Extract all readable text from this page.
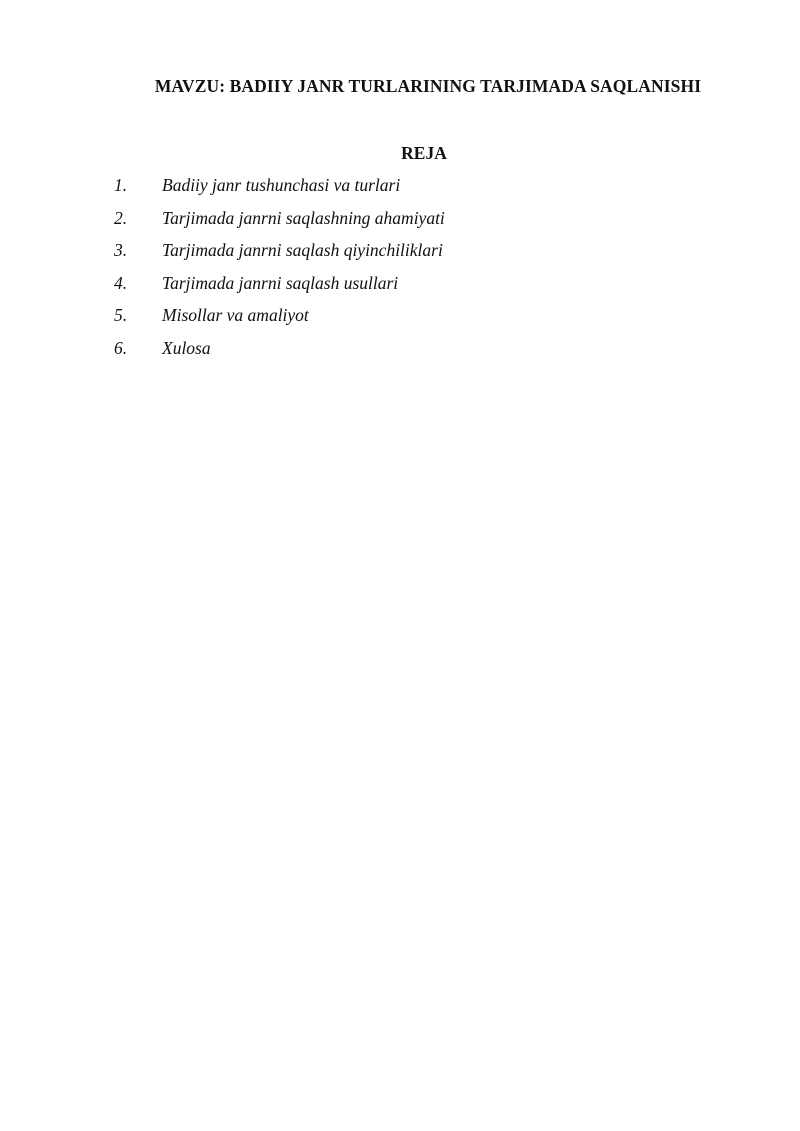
MAVZU: BADIIY JANR TURLARINING TARJIMADA SAQLANISHI
REJA
1. Badiiy janr tushunchasi va turlari
2. Tarjimada janrni saqlashning ahamiyati
3. Tarjimada janrni saqlash qiyinchiliklari
4. Tarjimada janrni saqlash usullari
5. Misollar va amaliyot
6. Xulosa
